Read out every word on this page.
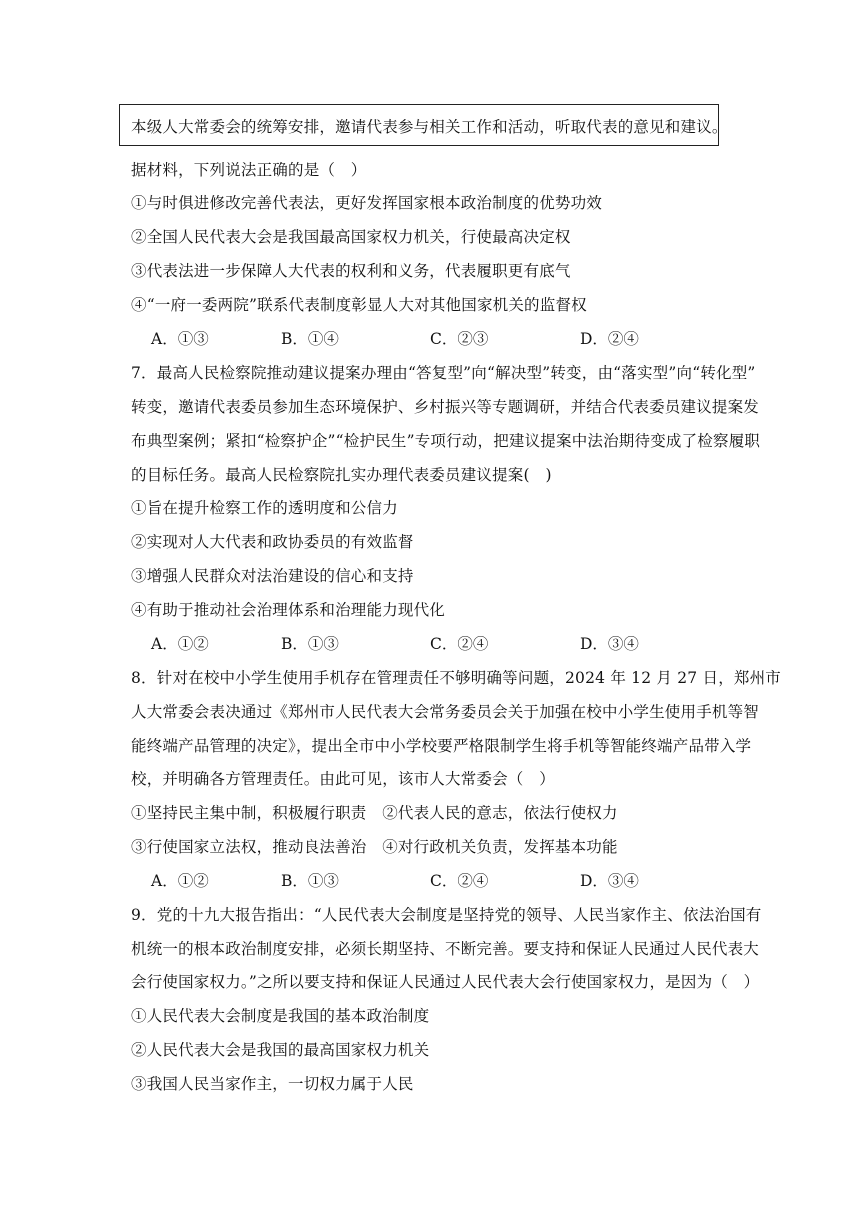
本级人大常委会的统筹安排，邀请代表参与相关工作和活动，听取代表的意见和建议。
据材料，下列说法正确的是（　）
①与时俱进修改完善代表法，更好发挥国家根本政治制度的优势功效
②全国人民代表大会是我国最高国家权力机关，行使最高决定权
③代表法进一步保障人大代表的权利和义务，代表履职更有底气
④“一府一委两院”联系代表制度彰显人大对其他国家机关的监督权
A．①③	B．①④	C．②③	D．②④
7．最高人民检察院推动建议提案办理由“答复型”向“解决型”转变，由“落实型”向“转化型”
转变，邀请代表委员参加生态环境保护、乡村振兴等专题调研，并结合代表委员建议提案发
布典型案例；紧扣“检察护企”“检护民生”专项行动，把建议提案中法治期待变成了检察履职
的目标任务。最高人民检察院扎实办理代表委员建议提案(　)
①旨在提升检察工作的透明度和公信力
②实现对人大代表和政协委员的有效监督
③增强人民群众对法治建设的信心和支持
④有助于推动社会治理体系和治理能力现代化
A．①②	B．①③	C．②④	D．③④
8．针对在校中小学生使用手机存在管理责任不够明确等问题，2024 年 12 月 27 日，郑州市
人大常委会表决通过《郑州市人民代表大会常务委员会关于加强在校中小学生使用手机等智
能终端产品管理的决定》，提出全市中小学校要严格限制学生将手机等智能终端产品带入学
校，并明确各方管理责任。由此可见，该市人大常委会（　）
①坚持民主集中制，积极履行职责　②代表人民的意志，依法行使权力
③行使国家立法权，推动良法善治　④对行政机关负责，发挥基本功能
A．①②	B．①③	C．②④	D．③④
9．党的十九大报告指出：“人民代表大会制度是坚持党的领导、人民当家作主、依法治国有
机统一的根本政治制度安排，必须长期坚持、不断完善。要支持和保证人民通过人民代表大
会行使国家权力。”之所以要支持和保证人民通过人民代表大会行使国家权力，是因为（　）
①人民代表大会制度是我国的基本政治制度
②人民代表大会是我国的最高国家权力机关
③我国人民当家作主，一切权力属于人民
